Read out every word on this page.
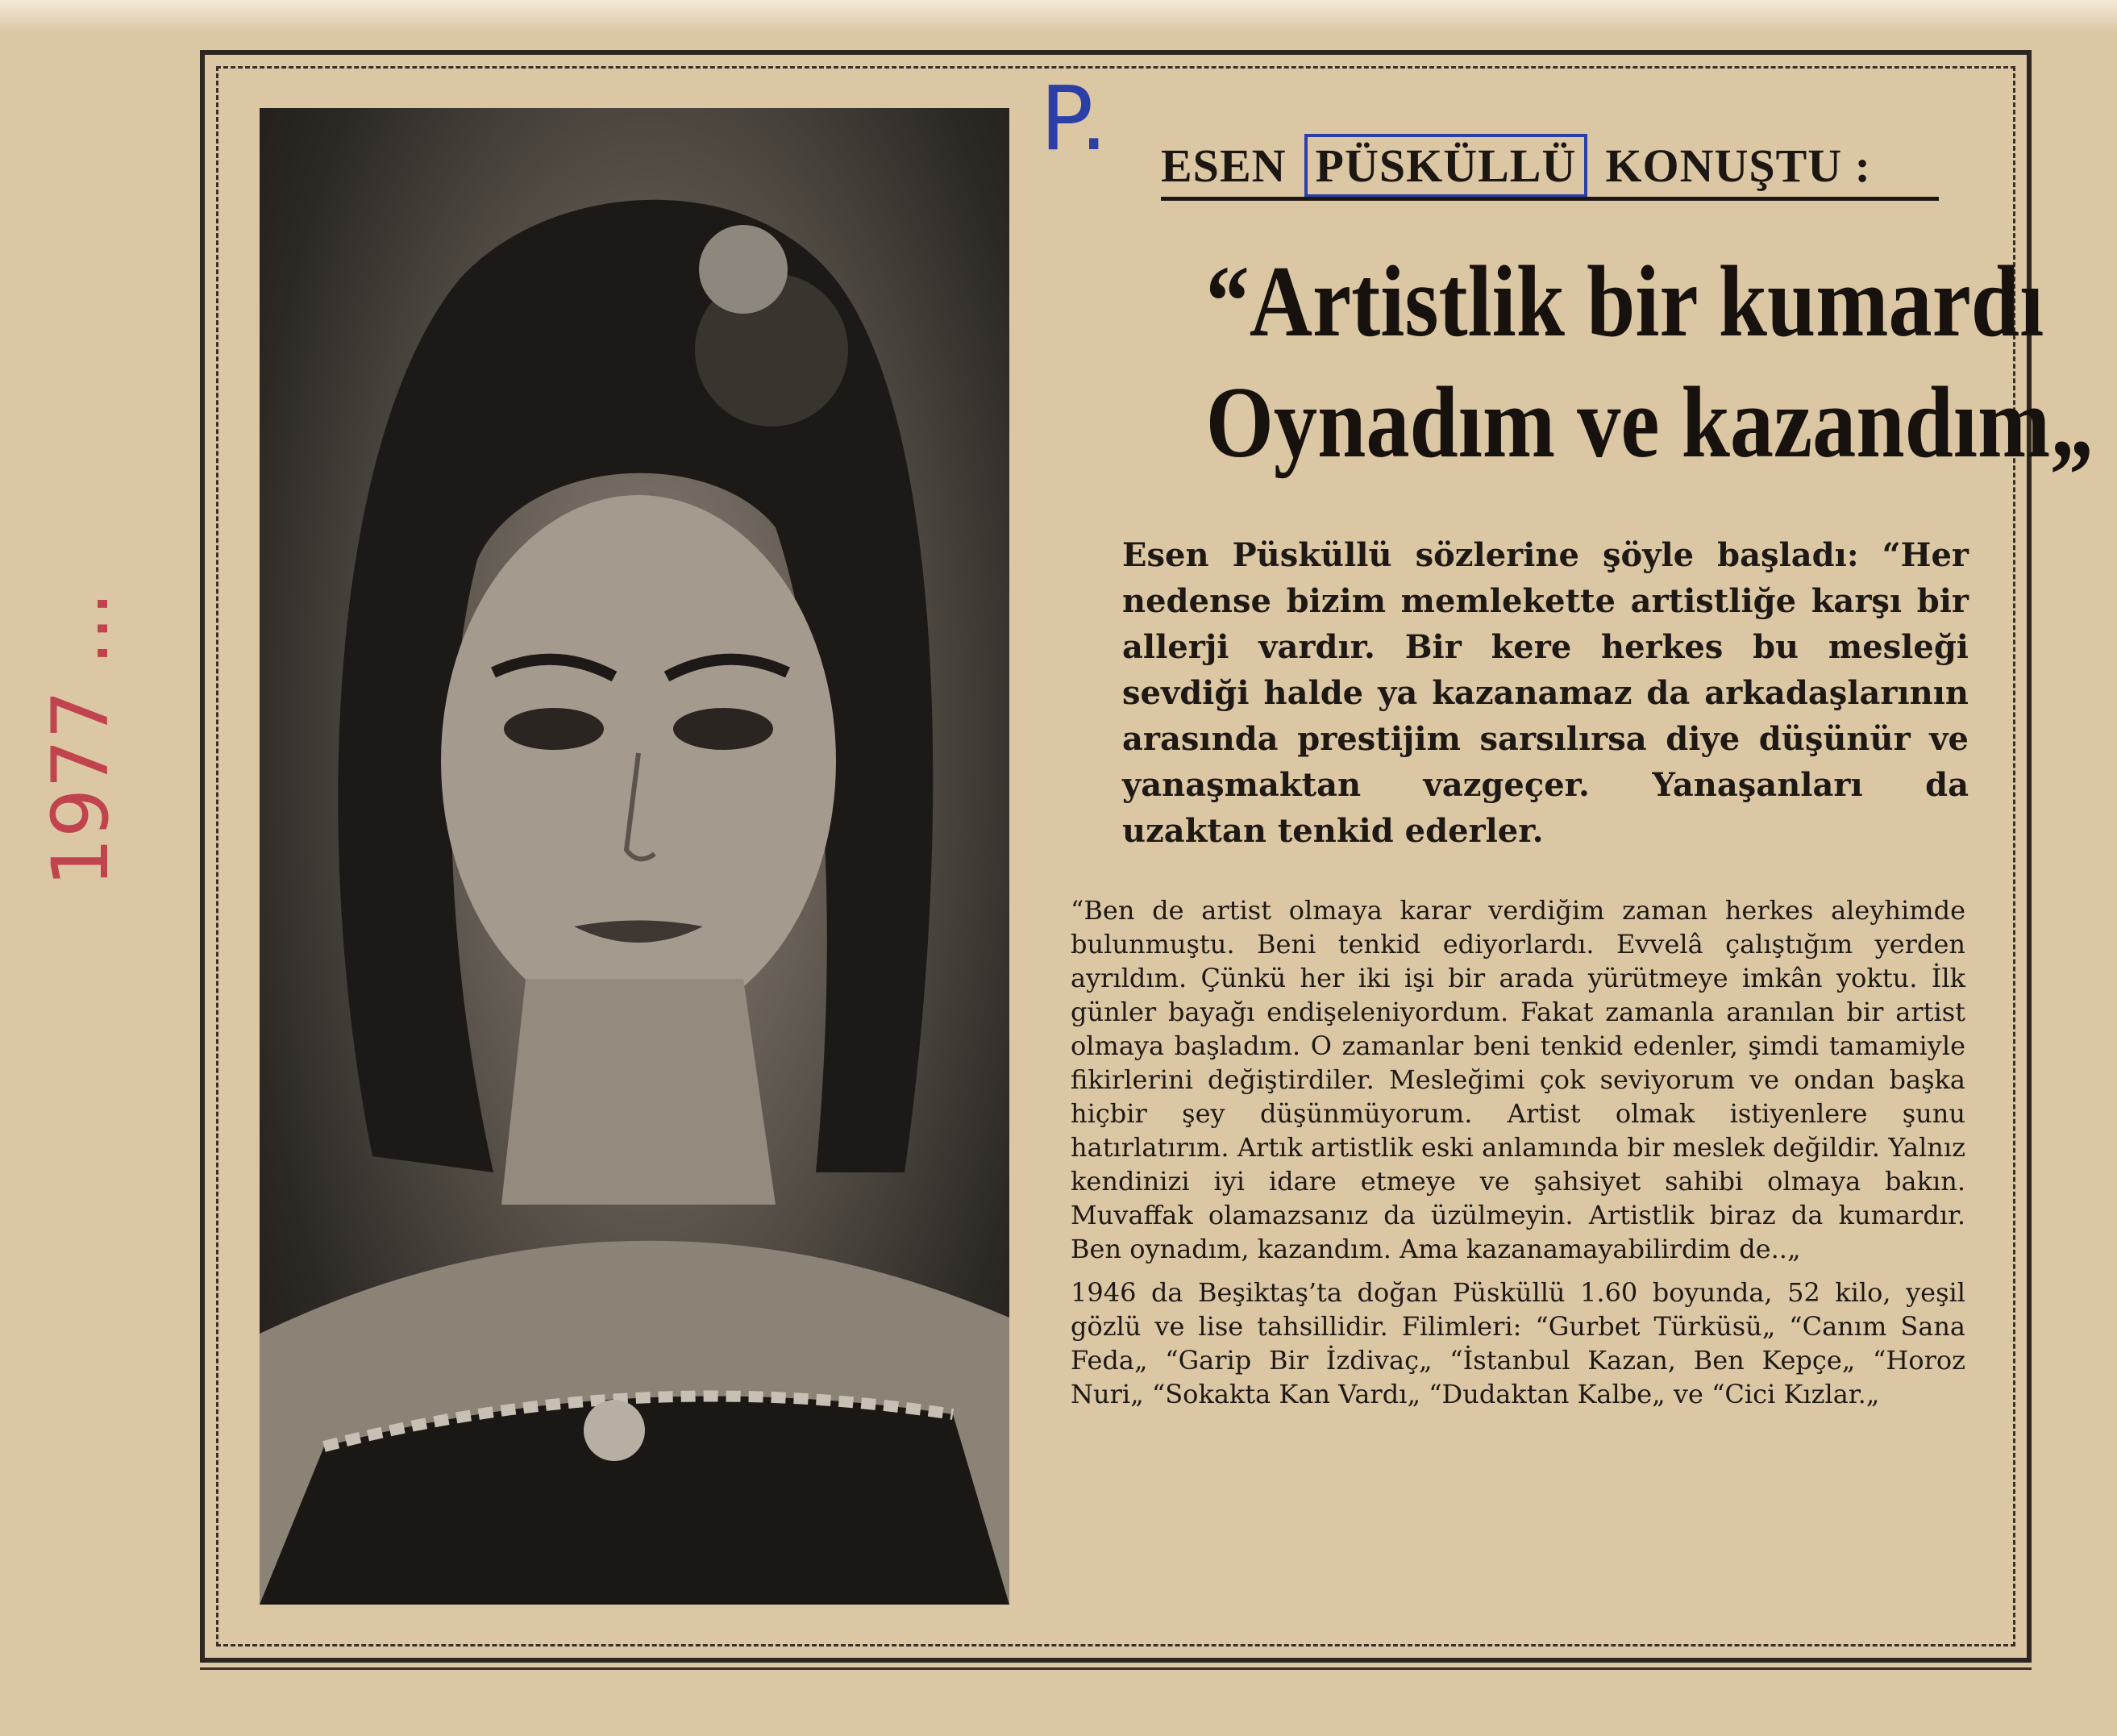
1977 ...
P. ESEN PÜSKÜLLÜ KONUŞTU :
“Artistlik bir kumardı
Oynadım ve kazandım„
Esen Püsküllü sözlerine şöyle başladı: “Her nedense bizim memlekette artistliğe karşı bir allerji vardır. Bir kere herkes bu mesleği sevdiği halde ya kazanamaz da arkadaşlarının arasında prestijim sarsılırsa diye düşünür ve yanaşmaktan vazgeçer. Yanaşanları da uzaktan tenkid ederler.

“Ben de artist olmaya karar verdiğim zaman herkes aleyhimde bulunmuştu. Beni tenkid ediyorlardı. Evvelâ çalıştığım yerden ayrıldım. Çünkü her iki işi bir arada yürütmeye imkân yoktu. İlk günler bayağı endişeleniyordum. Fakat zamanla aranılan bir artist olmaya başladım. O zamanlar beni tenkid edenler, şimdi tamamiyle fikirlerini değiştirdiler. Mesleğimi çok seviyorum ve ondan başka hiçbir şey düşünmüyorum. Artist olmak istiyenlere şunu hatırlatırım. Artık artistlik eski anlamında bir meslek değildir. Yalnız kendinizi iyi idare etmeye ve şahsiyet sahibi olmaya bakın. Muvaffak olamazsanız da üzülmeyin. Artistlik biraz da kumardır. Ben oynadım, kazandım. Ama kazanamayabilirdim de..„

1946 da Beşiktaş’ta doğan Püsküllü 1.60 boyunda, 52 kilo, yeşil gözlü ve lise tahsillidir. Filimleri: “Gurbet Türküsü„ “Canım Sana Feda„ “Garip Bir İzdivaç„ “İstanbul Kazan, Ben Kepçe„ “Horoz Nuri„ “Sokakta Kan Vardı„ “Dudaktan Kalbe„ ve “Cici Kızlar.„
